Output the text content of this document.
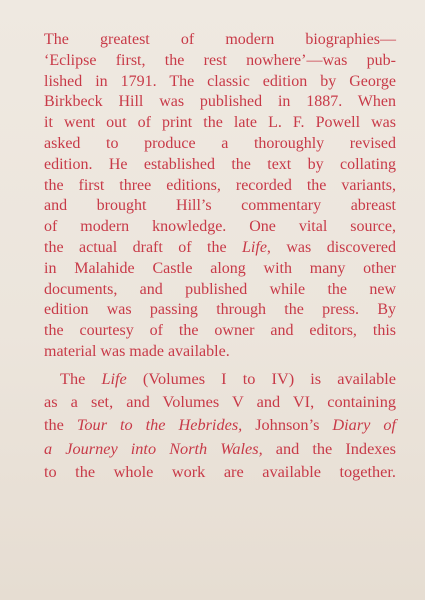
The greatest of modern biographies—
‘Eclipse first, the rest nowhere’—was pub-
lished in 1791. The classic edition by George
Birkbeck Hill was published in 1887. When
it went out of print the late L. F. Powell was
asked to produce a thoroughly revised
edition. He established the text by collating
the first three editions, recorded the variants,
and brought Hill’s commentary abreast
of modern knowledge. One vital source,
the actual draft of the Life, was discovered
in Malahide Castle along with many other
documents, and published while the new
edition was passing through the press. By
the courtesy of the owner and editors, this
material was made available.

The Life (Volumes I to IV) is available
as a set, and Volumes V and VI, containing
the Tour to the Hebrides, Johnson’s Diary of
a Journey into North Wales, and the Indexes
to the whole work are available together.
